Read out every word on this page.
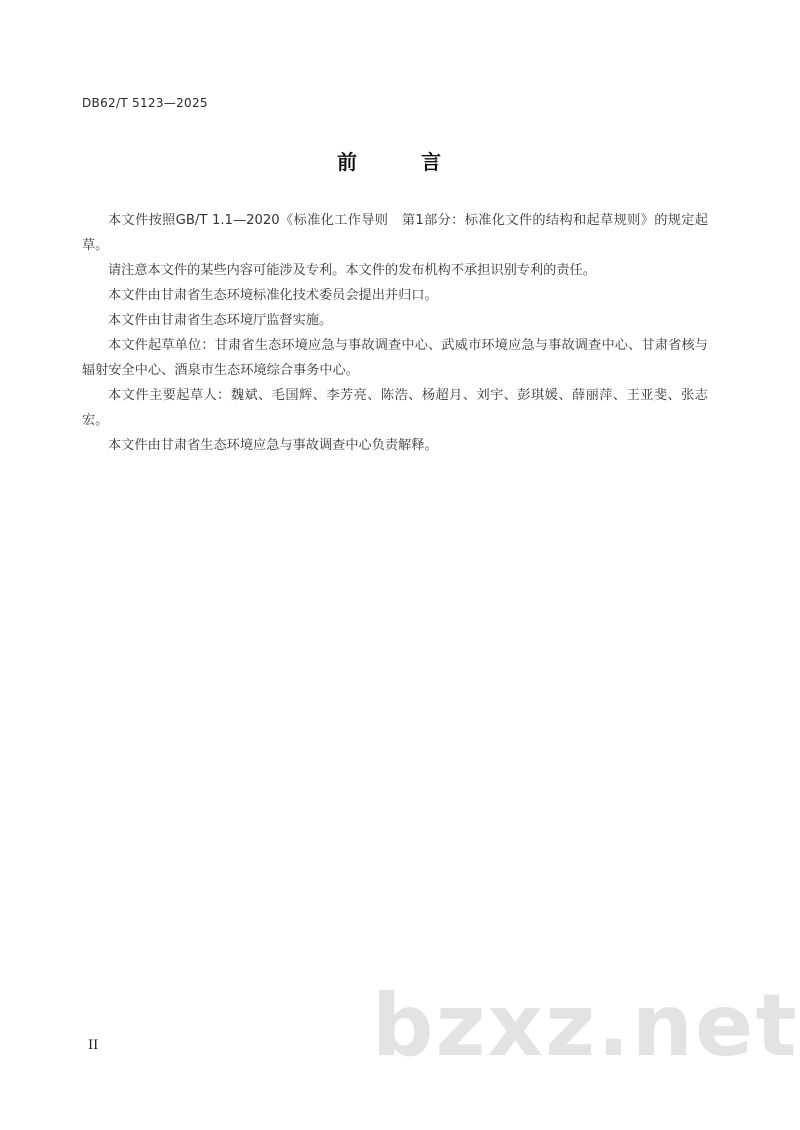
DB62/T 5123—2025
前　言

本文件按照GB/T 1.1—2020《标准化工作导则　第1部分：标准化文件的结构和起草规则》的规定起草。

请注意本文件的某些内容可能涉及专利。本文件的发布机构不承担识别专利的责任。

本文件由甘肃省生态环境标准化技术委员会提出并归口。

本文件由甘肃省生态环境厅监督实施。

本文件起草单位：甘肃省生态环境应急与事故调查中心、武威市环境应急与事故调查中心、甘肃省核与辐射安全中心、酒泉市生态环境综合事务中心。

本文件主要起草人：魏斌、毛国辉、李芳亮、陈浩、杨超月、刘宇、彭琪媛、薛丽萍、王亚斐、张志宏。

本文件由甘肃省生态环境应急与事故调查中心负责解释。

bzxz.net
II
